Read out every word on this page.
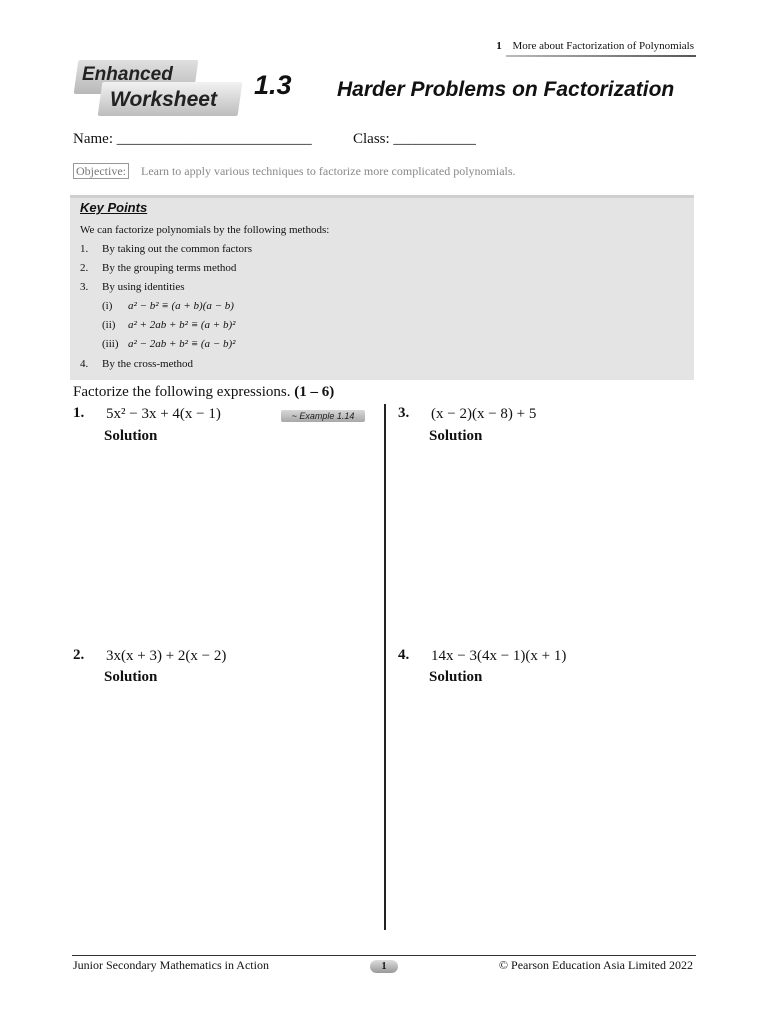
1 More about Factorization of Polynomials
Enhanced
Worksheet 1.3 Harder Problems on Factorization
Name: __________________________	Class: ___________
Objective: Learn to apply various techniques to factorize more complicated polynomials.
Key Points
We can factorize polynomials by the following methods:
1. By taking out the common factors
2. By the grouping terms method
3. By using identities
(i) a² − b² ≡ (a + b)(a − b)
(ii) a² + 2ab + b² ≡ (a + b)²
(iii) a² − 2ab + b² ≡ (a − b)²
4. By the cross-method
Factorize the following expressions. (1 – 6)
1. 5x² − 3x + 4(x − 1)	~ Example 1.14
Solution
3. (x − 2)(x − 8) + 5
Solution
2. 3x(x + 3) + 2(x − 2)
Solution
4. 14x − 3(4x − 1)(x + 1)
Solution
Junior Secondary Mathematics in Action	1	© Pearson Education Asia Limited 2022
